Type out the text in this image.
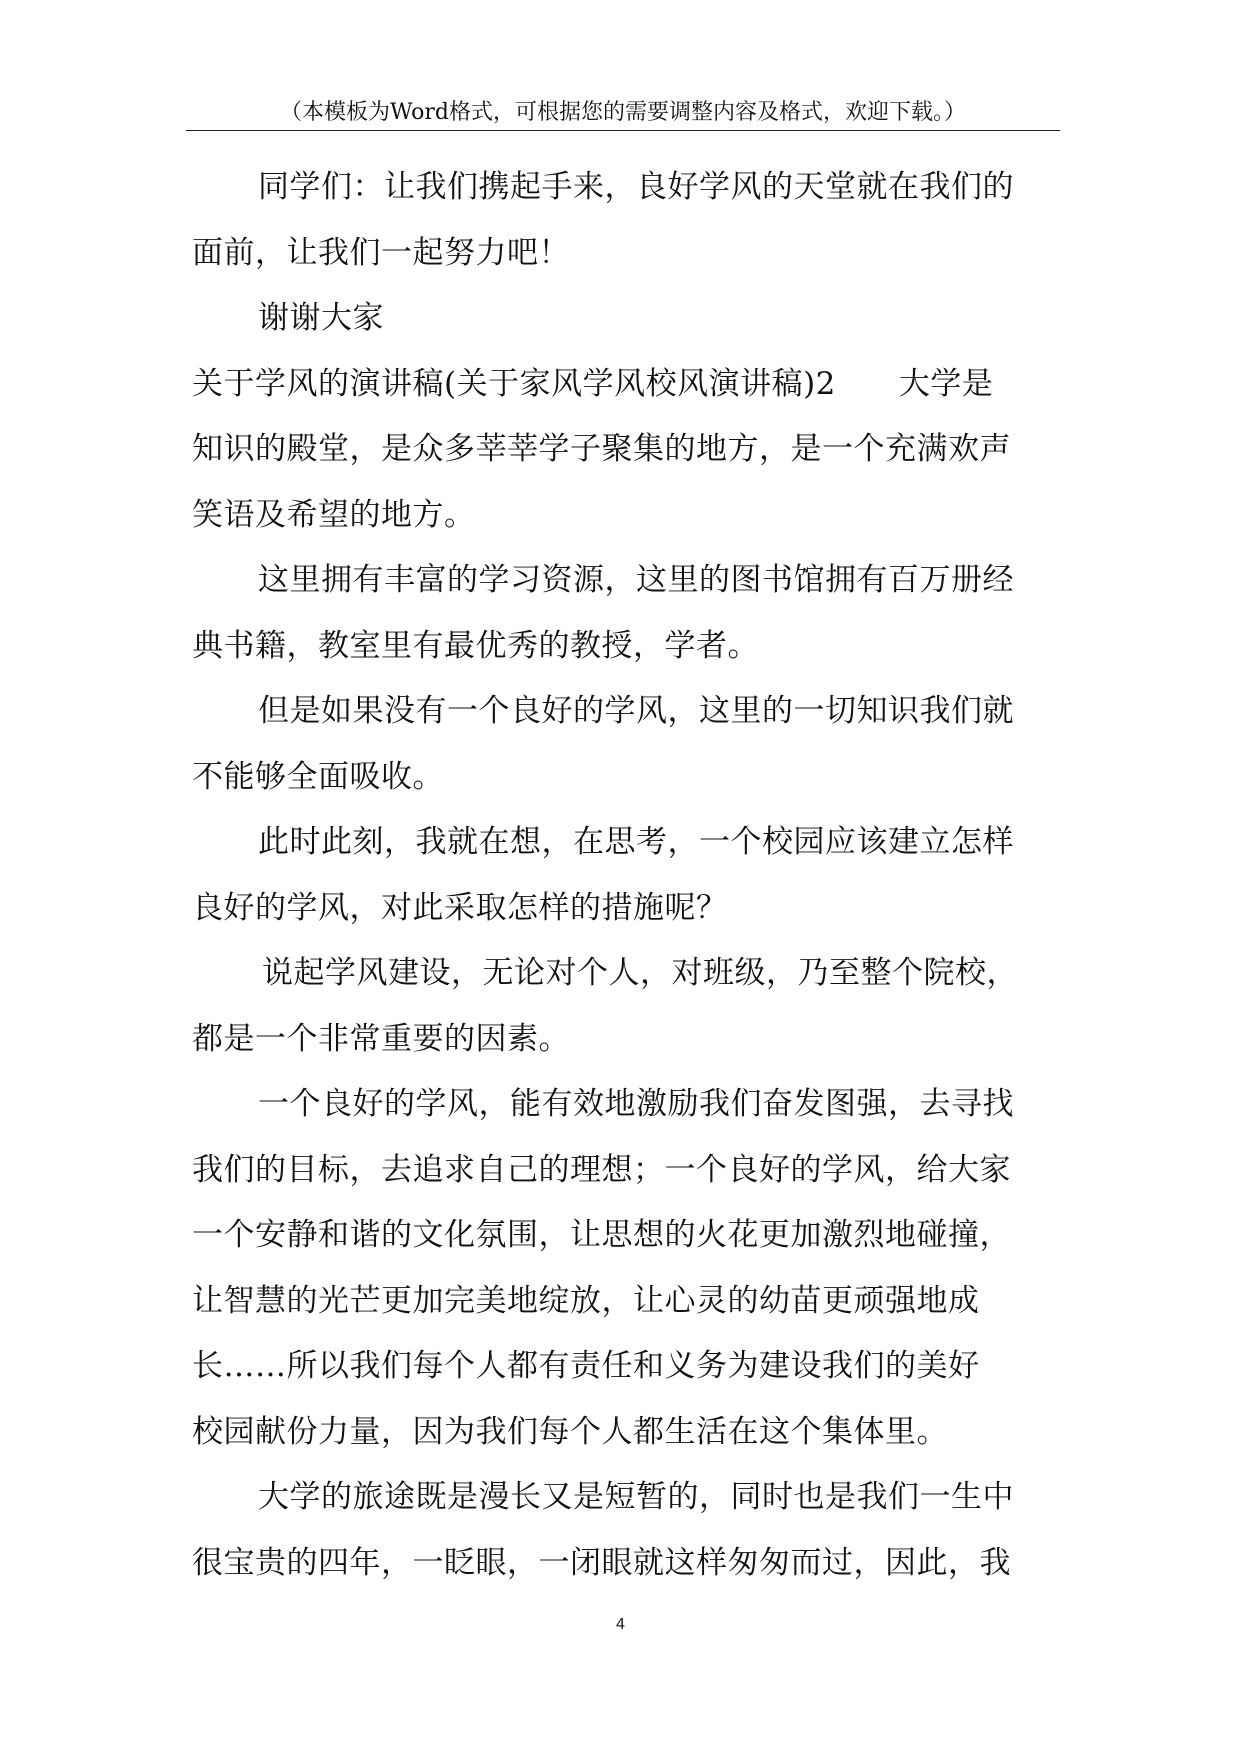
（本模板为Word格式，可根据您的需要调整内容及格式，欢迎下载。）
同学们：让我们携起手来，良好学风的天堂就在我们的
面前，让我们一起努力吧！
谢谢大家
关于学风的演讲稿(关于家风学风校风演讲稿)2　　大学是
知识的殿堂，是众多莘莘学子聚集的地方，是一个充满欢声
笑语及希望的地方。
这里拥有丰富的学习资源，这里的图书馆拥有百万册经
典书籍，教室里有最优秀的教授，学者。
但是如果没有一个良好的学风，这里的一切知识我们就
不能够全面吸收。
此时此刻，我就在想，在思考，一个校园应该建立怎样
良好的学风，对此采取怎样的措施呢？
说起学风建设，无论对个人，对班级，乃至整个院校，
都是一个非常重要的因素。
一个良好的学风，能有效地激励我们奋发图强，去寻找
我们的目标，去追求自己的理想；一个良好的学风，给大家
一个安静和谐的文化氛围，让思想的火花更加激烈地碰撞，
让智慧的光芒更加完美地绽放，让心灵的幼苗更顽强地成
长……所以我们每个人都有责任和义务为建设我们的美好
校园献份力量，因为我们每个人都生活在这个集体里。
大学的旅途既是漫长又是短暂的，同时也是我们一生中
很宝贵的四年，一眨眼，一闭眼就这样匆匆而过，因此，我
4
